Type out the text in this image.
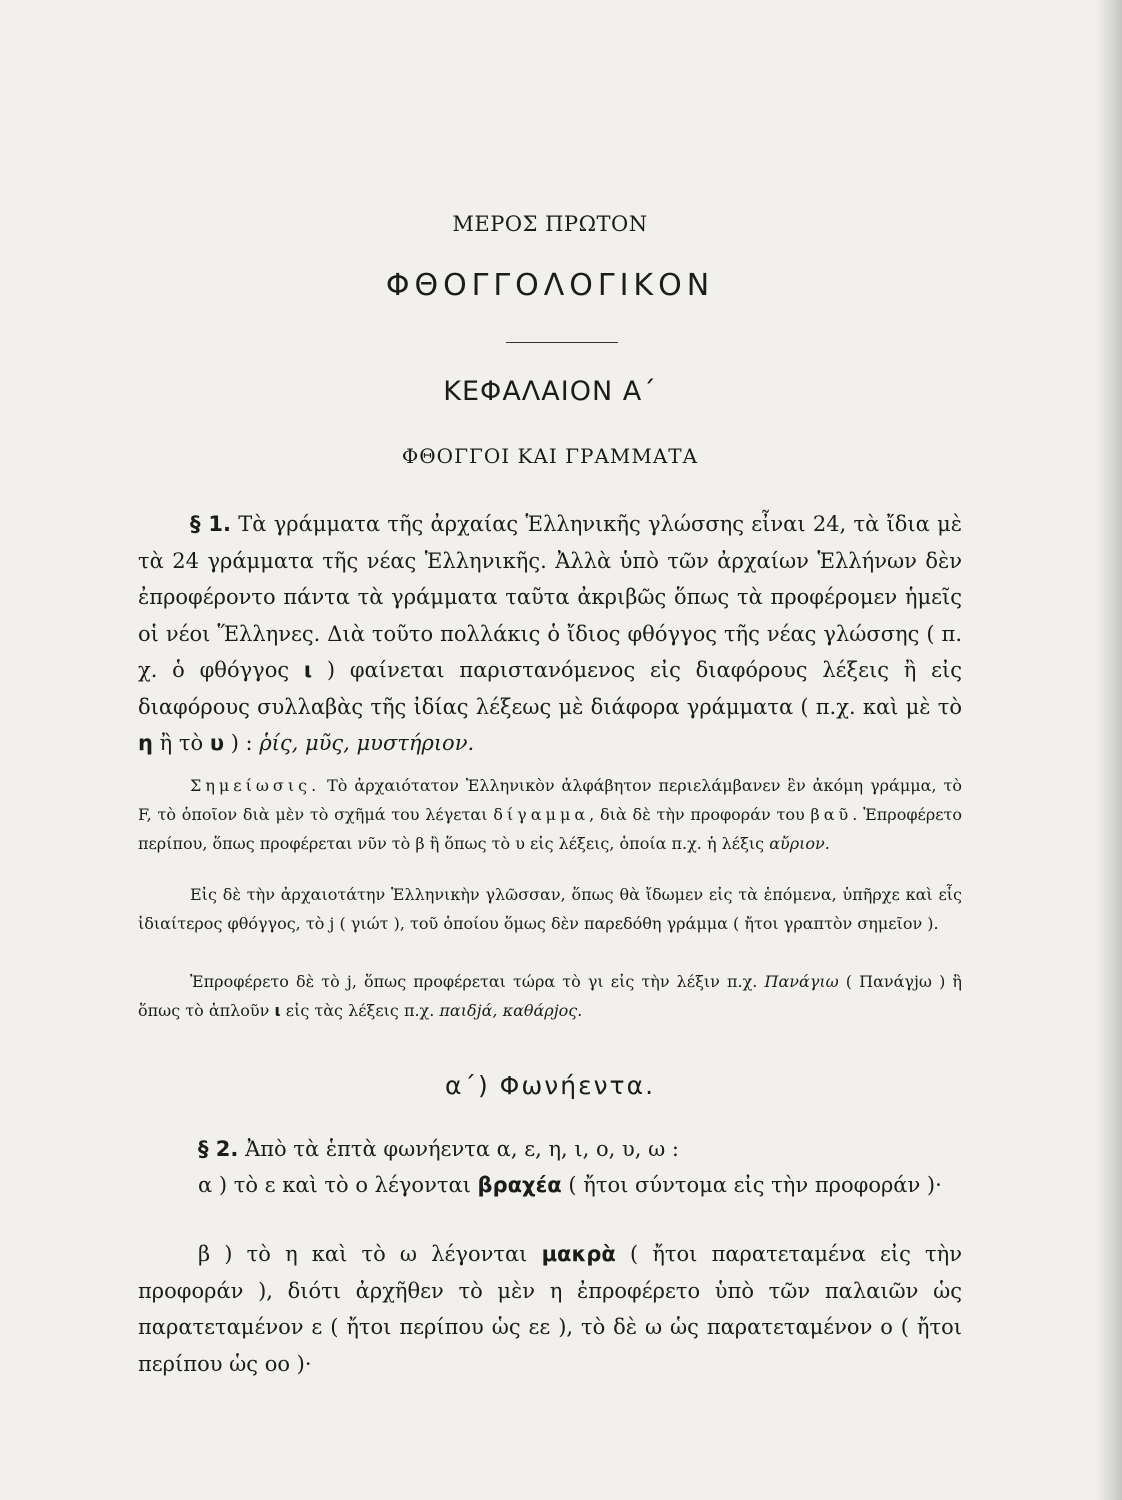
ΜΕΡΟΣ ΠΡΩΤΟΝ
ΦΘΟΓΓΟΛΟΓΙΚΟΝ
ΚΕΦΑΛΑΙΟΝ Α΄
ΦΘΟΓΓΟΙ ΚΑΙ ΓΡΑΜΜΑΤΑ
§ 1. Τὰ γράμματα τῆς ἀρχαίας Ἑλληνικῆς γλώσσης εἶναι 24, τὰ ἴδια μὲ τὰ 24 γράμματα τῆς νέας Ἑλληνικῆς. Ἀλλὰ ὑπὸ τῶν ἀρχαίων Ἑλλήνων δὲν ἐπροφέροντο πάντα τὰ γράμματα ταῦτα ἀκριβῶς ὅπως τὰ προφέρομεν ἡμεῖς οἱ νέοι Ἕλληνες. Διὰ τοῦτο πολλάκις ὁ ἴδιος φθόγγος τῆς νέας γλώσσης ( π. χ. ὁ φθόγγος ι ) φαίνεται παριστανόμενος εἰς διαφόρους λέξεις ἢ εἰς διαφόρους συλλαβὰς τῆς ἰδίας λέξεως μὲ διάφορα γράμματα ( π.χ. καὶ μὲ τὸ η ἢ τὸ υ ) : ῥίς, μῦς, μυστήριον.
Σημείωσις. Τὸ ἀρχαιότατον Ἑλληνικὸν ἀλφάβητον περιελάμβανεν ἓν ἀκόμη γράμμα, τὸ F, τὸ ὁποῖον διὰ μὲν τὸ σχῆμά του λέγεται δίγαμμα, διὰ δὲ τὴν προφοράν του βαῦ. Ἐπροφέρετο περίπου, ὅπως προφέρεται νῦν τὸ β ἢ ὅπως τὸ υ εἰς λέξεις, ὁποία π.χ. ἡ λέξις αὔριον.
Εἰς δὲ τὴν ἀρχαιοτάτην Ἑλληνικὴν γλῶσσαν, ὅπως θὰ ἴδωμεν εἰς τὰ ἑπόμενα, ὑπῆρχε καὶ εἷς ἰδιαίτερος φθόγγος, τὸ j ( γιώτ ), τοῦ ὁποίου ὅμως δὲν παρεδόθη γράμμα ( ἤτοι γραπτὸν σημεῖον ).
Ἐπροφέρετο δὲ τὸ j, ὅπως προφέρεται τώρα τὸ γι εἰς τὴν λέξιν π.χ. Πανάγιω ( Πανάγjω ) ἢ ὅπως τὸ ἁπλοῦν ι εἰς τὰς λέξεις π.χ. παιδjά, καθάρjος.
α΄) Φωνήεντα.
§ 2. Ἀπὸ τὰ ἑπτὰ φωνήεντα α, ε, η, ι, ο, υ, ω :
α ) τὸ ε καὶ τὸ ο λέγονται βραχέα ( ἤτοι σύντομα εἰς τὴν προφοράν )·
β ) τὸ η καὶ τὸ ω λέγονται μακρὰ ( ἤτοι παρατεταμένα εἰς τὴν προφοράν ), διότι ἀρχῆθεν τὸ μὲν η ἐπροφέρετο ὑπὸ τῶν παλαιῶν ὡς παρατεταμένον ε ( ἤτοι περίπου ὡς εε ), τὸ δὲ ω ὡς παρατεταμένον ο ( ἤτοι περίπου ὡς οο )·
